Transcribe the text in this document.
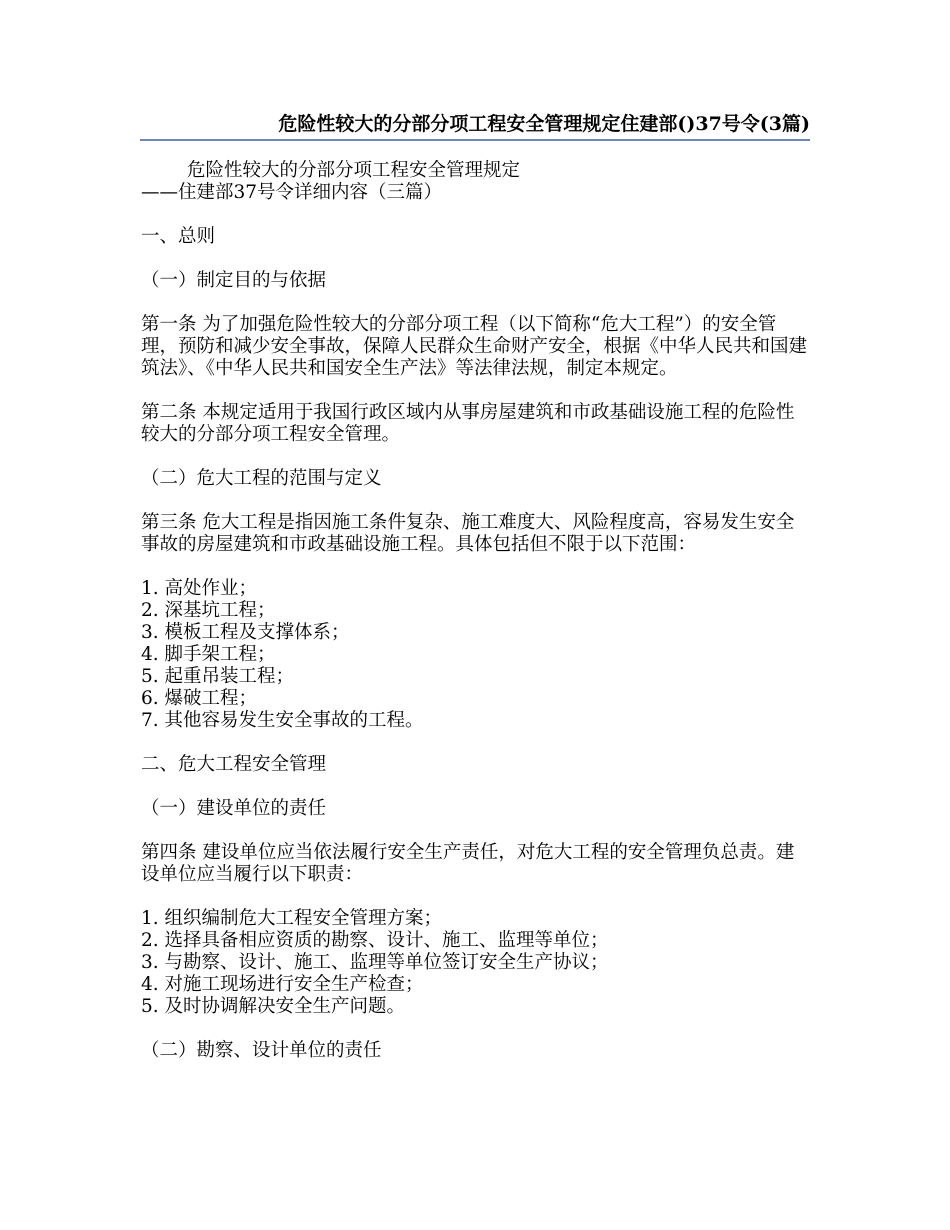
危险性较大的分部分项工程安全管理规定住建部()37号令(3篇)
危险性较大的分部分项工程安全管理规定
——住建部37号令详细内容（三篇）

一、总则

（一）制定目的与依据

第一条 为了加强危险性较大的分部分项工程（以下简称“危大工程”）的安全管理，预防和减少安全事故，保障人民群众生命财产安全，根据《中华人民共和国建筑法》、《中华人民共和国安全生产法》等法律法规，制定本规定。

第二条 本规定适用于我国行政区域内从事房屋建筑和市政基础设施工程的危险性较大的分部分项工程安全管理。

（二）危大工程的范围与定义

第三条 危大工程是指因施工条件复杂、施工难度大、风险程度高，容易发生安全事故的房屋建筑和市政基础设施工程。具体包括但不限于以下范围：

1. 高处作业；
2. 深基坑工程；
3. 模板工程及支撑体系；
4. 脚手架工程；
5. 起重吊装工程；
6. 爆破工程；
7. 其他容易发生安全事故的工程。

二、危大工程安全管理

（一）建设单位的责任

第四条 建设单位应当依法履行安全生产责任，对危大工程的安全管理负总责。建设单位应当履行以下职责：

1. 组织编制危大工程安全管理方案；
2. 选择具备相应资质的勘察、设计、施工、监理等单位；
3. 与勘察、设计、施工、监理等单位签订安全生产协议；
4. 对施工现场进行安全生产检查；
5. 及时协调解决安全生产问题。

（二）勘察、设计单位的责任
